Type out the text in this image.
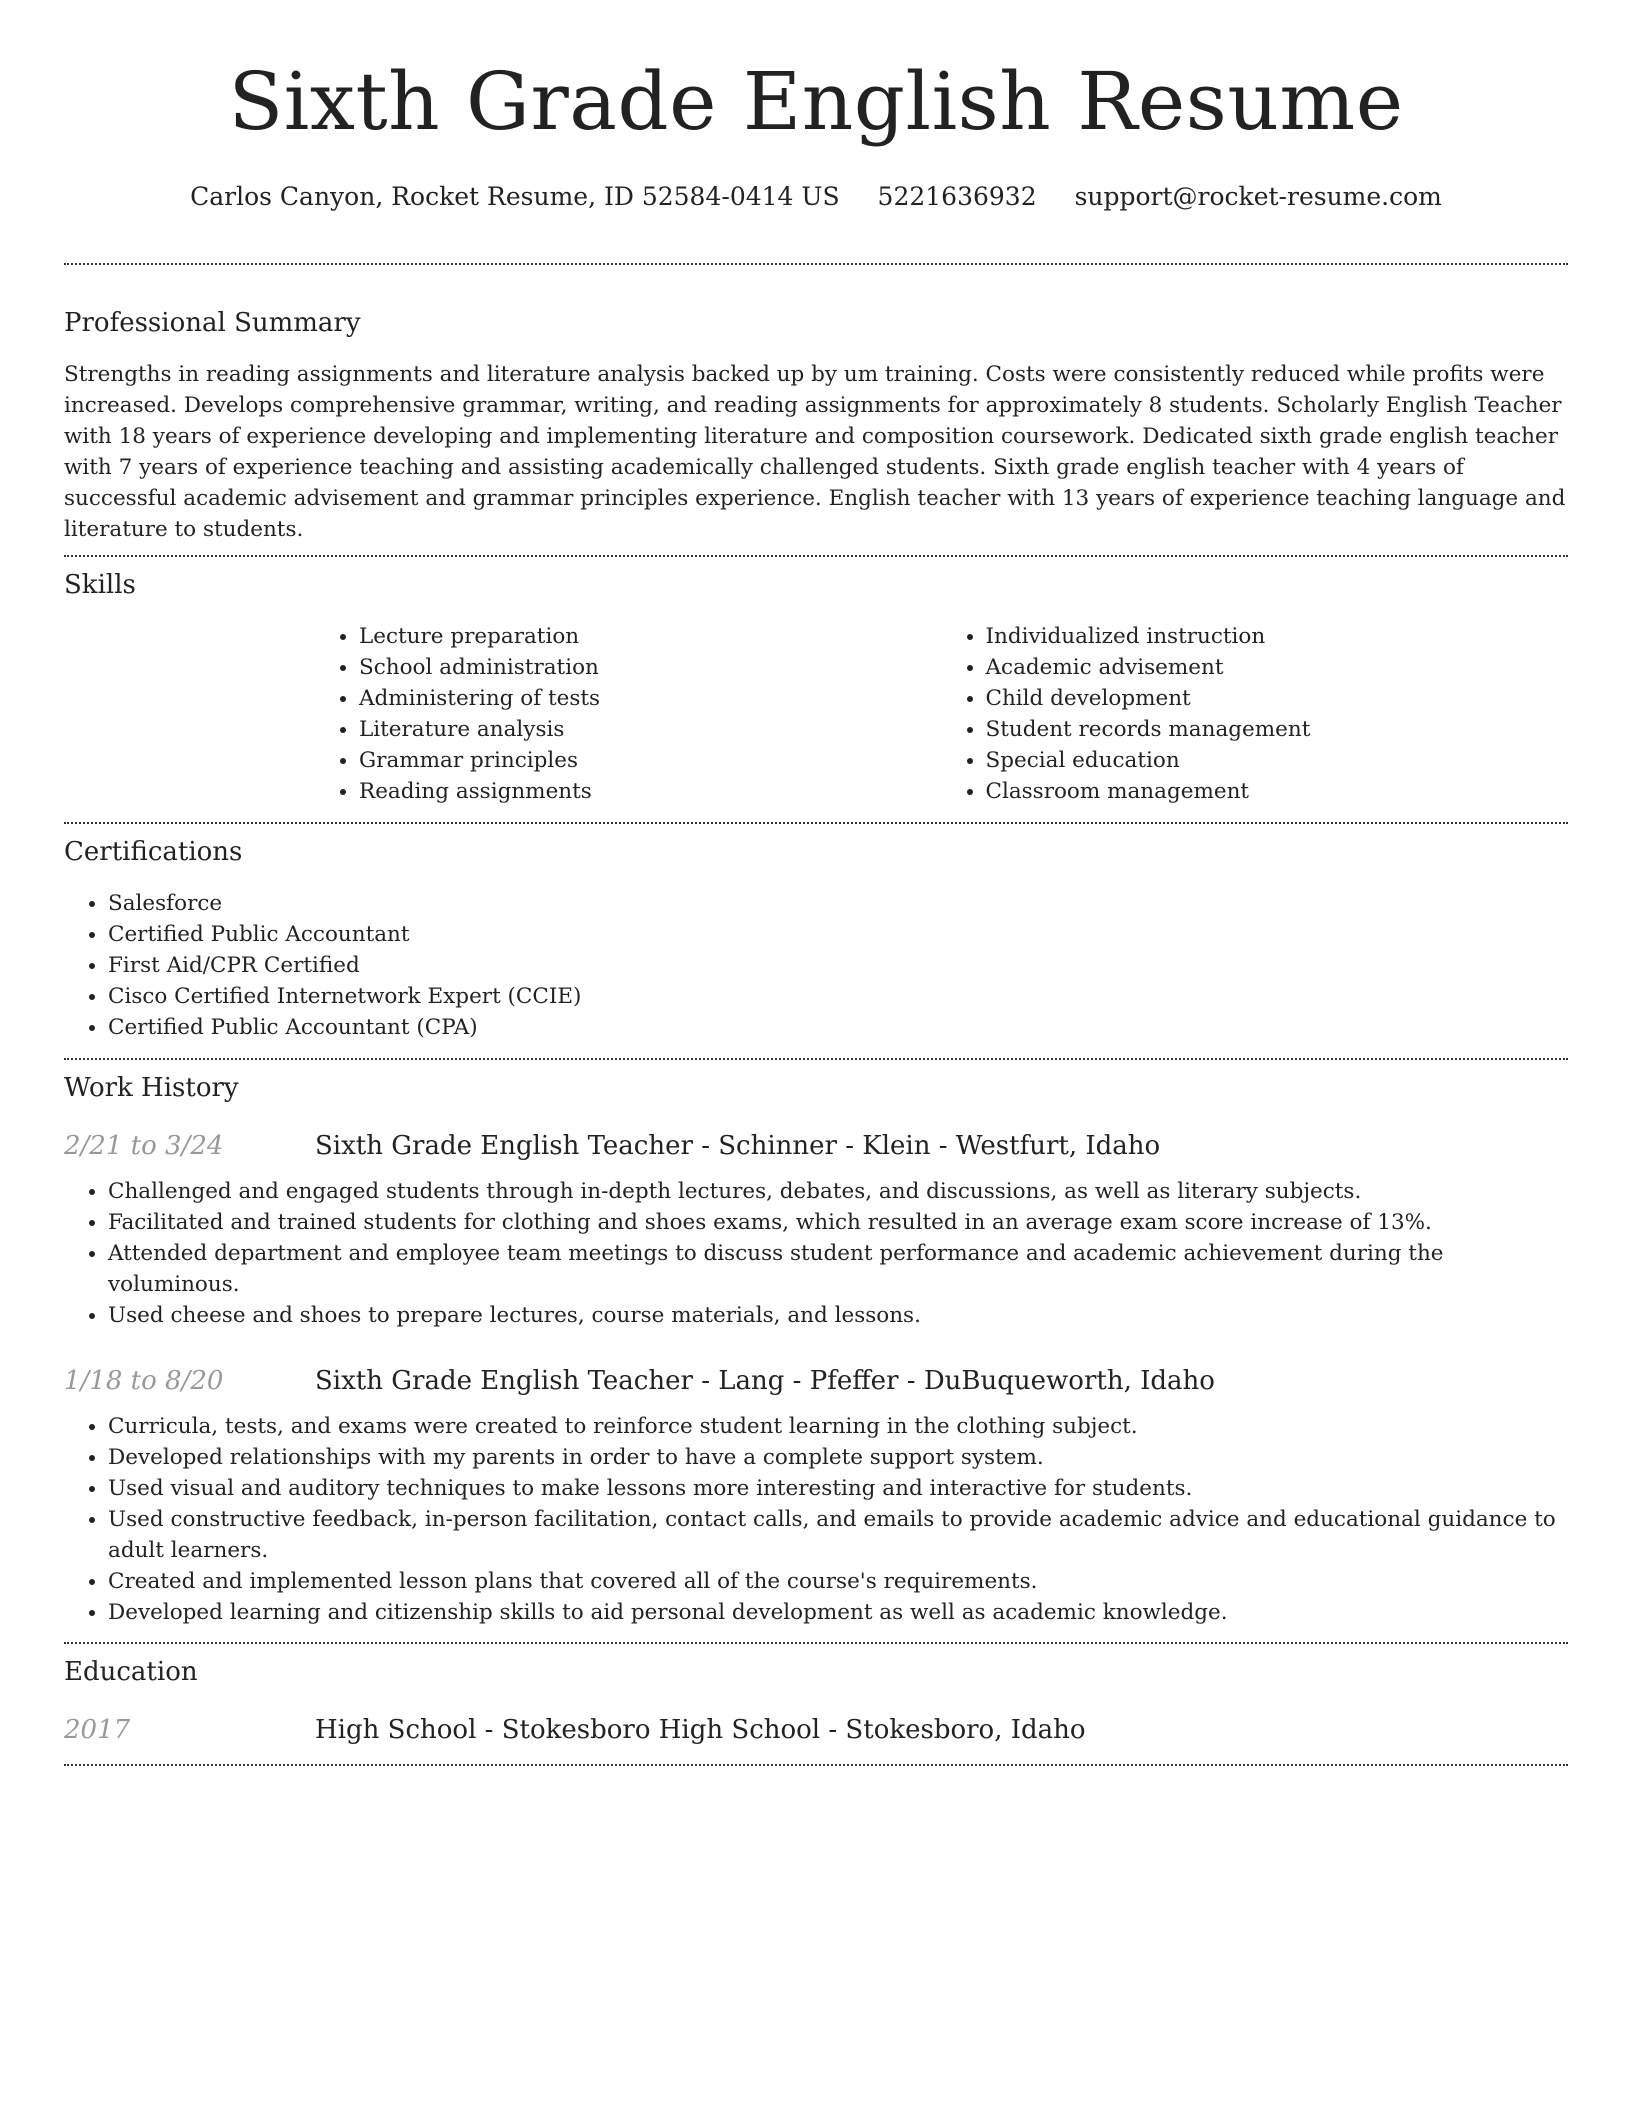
Sixth Grade English Resume
Carlos Canyon, Rocket Resume, ID 52584-0414 US 5221636932 support@rocket-resume.com
Professional Summary

Strengths in reading assignments and literature analysis backed up by um training. Costs were consistently reduced while profits were increased. Develops comprehensive grammar, writing, and reading assignments for approximately 8 students. Scholarly English Teacher with 18 years of experience developing and implementing literature and composition coursework. Dedicated sixth grade english teacher with 7 years of experience teaching and assisting academically challenged students. Sixth grade english teacher with 4 years of successful academic advisement and grammar principles experience. English teacher with 13 years of experience teaching language and literature to students.

Skills
• Lecture preparation
• School administration
• Administering of tests
• Literature analysis
• Grammar principles
• Reading assignments
• Individualized instruction
• Academic advisement
• Child development
• Student records management
• Special education
• Classroom management
Certifications
• Salesforce
• Certified Public Accountant
• First Aid/CPR Certified
• Cisco Certified Internetwork Expert (CCIE)
• Certified Public Accountant (CPA)
Work History
2/21 to 3/24	Sixth Grade English Teacher - Schinner - Klein - Westfurt, Idaho
• Challenged and engaged students through in-depth lectures, debates, and discussions, as well as literary subjects.
• Facilitated and trained students for clothing and shoes exams, which resulted in an average exam score increase of 13%.
• Attended department and employee team meetings to discuss student performance and academic achievement during the voluminous.
• Used cheese and shoes to prepare lectures, course materials, and lessons.
1/18 to 8/20	Sixth Grade English Teacher - Lang - Pfeffer - DuBuqueworth, Idaho
• Curricula, tests, and exams were created to reinforce student learning in the clothing subject.
• Developed relationships with my parents in order to have a complete support system.
• Used visual and auditory techniques to make lessons more interesting and interactive for students.
• Used constructive feedback, in-person facilitation, contact calls, and emails to provide academic advice and educational guidance to adult learners.
• Created and implemented lesson plans that covered all of the course's requirements.
• Developed learning and citizenship skills to aid personal development as well as academic knowledge.
Education
2017	High School - Stokesboro High School - Stokesboro, Idaho
